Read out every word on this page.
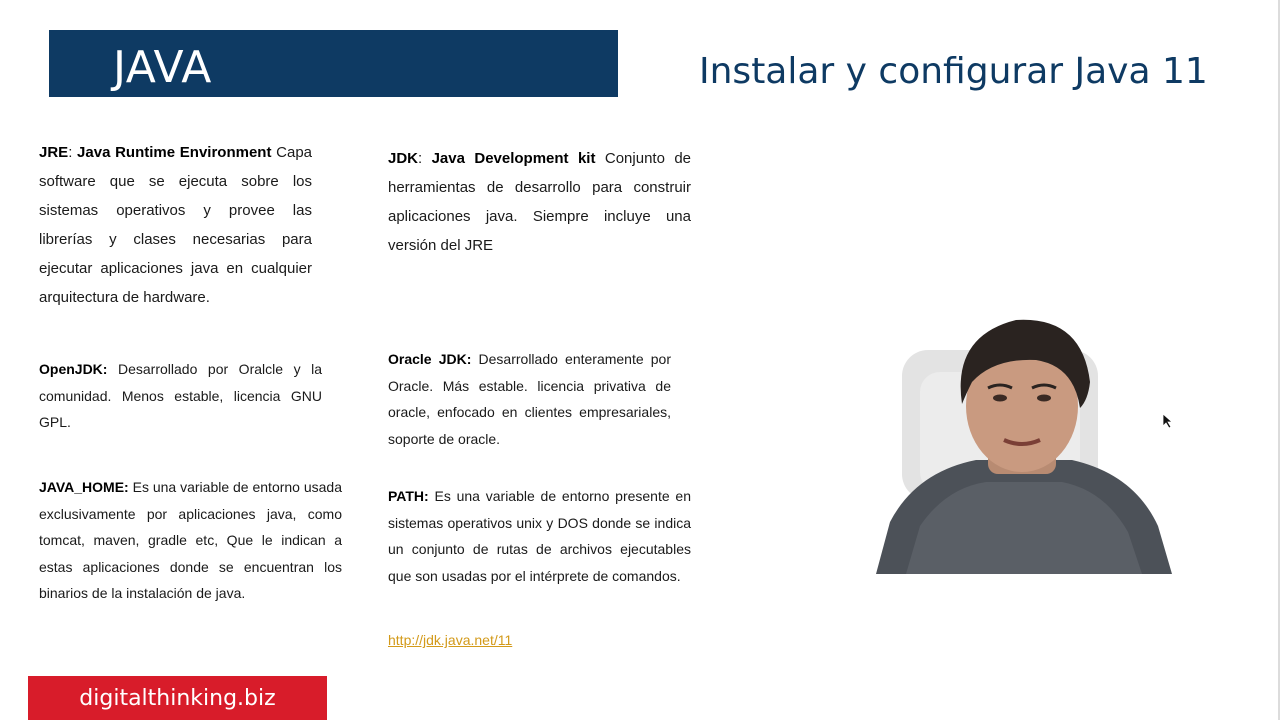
JAVA	Instalar y configurar Java 11
JRE: Java Runtime Environment Capa software que se ejecuta sobre los sistemas operativos y provee las librerías y clases necesarias para ejecutar aplicaciones java en cualquier arquitectura de hardware.
JDK: Java Development kit Conjunto de herramientas de desarrollo para construir aplicaciones java. Siempre incluye una versión del JRE
OpenJDK: Desarrollado por Oralcle y la comunidad. Menos estable, licencia GNU GPL.
Oracle JDK: Desarrollado enteramente por Oracle. Más estable. licencia privativa de oracle, enfocado en clientes empresariales, soporte de oracle.
JAVA_HOME: Es una variable de entorno usada exclusivamente por aplicaciones java, como tomcat, maven, gradle etc, Que le indican a estas aplicaciones donde se encuentran los binarios de la instalación de java.
PATH: Es una variable de entorno presente en sistemas operativos unix y DOS donde se indica un conjunto de rutas de archivos ejecutables que son usadas por el intérprete de comandos.
http://jdk.java.net/11
digitalthinking.biz
